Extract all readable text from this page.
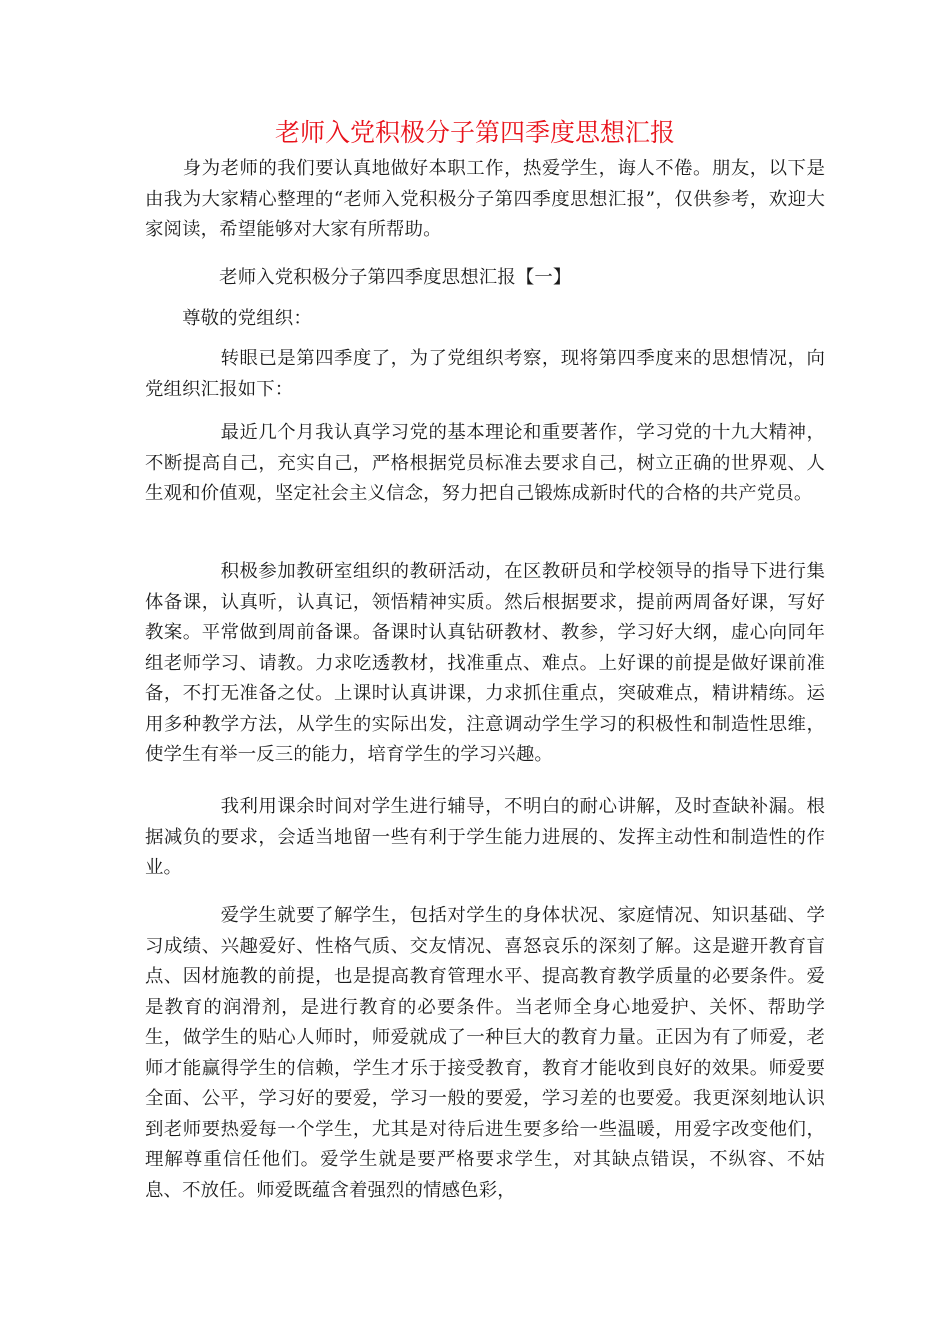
老师入党积极分子第四季度思想汇报

　　身为老师的我们要认真地做好本职工作，热爱学生，诲人不倦。朋友，以下是由我为大家精心整理的“老师入党积极分子第四季度思想汇报”，仅供参考，欢迎大家阅读，希望能够对大家有所帮助。

　　　　老师入党积极分子第四季度思想汇报【一】

　　尊敬的党组织：

　　　　转眼已是第四季度了，为了党组织考察，现将第四季度来的思想情况，向党组织汇报如下：

　　　　最近几个月我认真学习党的基本理论和重要著作，学习党的十九大精神，不断提高自己，充实自己，严格根据党员标准去要求自己，树立正确的世界观、人生观和价值观，坚定社会主义信念，努力把自己锻炼成新时代的合格的共产党员。

　　　　积极参加教研室组织的教研活动，在区教研员和学校领导的指导下进行集体备课，认真听，认真记，领悟精神实质。然后根据要求，提前两周备好课，写好教案。平常做到周前备课。备课时认真钻研教材、教参，学习好大纲，虚心向同年组老师学习、请教。力求吃透教材，找准重点、难点。上好课的前提是做好课前准备，不打无准备之仗。上课时认真讲课，力求抓住重点，突破难点，精讲精练。运用多种教学方法，从学生的实际出发，注意调动学生学习的积极性和制造性思维，使学生有举一反三的能力，培育学生的学习兴趣。

　　　　我利用课余时间对学生进行辅导，不明白的耐心讲解，及时查缺补漏。根据减负的要求，会适当地留一些有利于学生能力进展的、发挥主动性和制造性的作业。

　　　　爱学生就要了解学生，包括对学生的身体状况、家庭情况、知识基础、学习成绩、兴趣爱好、性格气质、交友情况、喜怒哀乐的深刻了解。这是避开教育盲点、因材施教的前提，也是提高教育管理水平、提高教育教学质量的必要条件。爱是教育的润滑剂，是进行教育的必要条件。当老师全身心地爱护、关怀、帮助学生，做学生的贴心人师时，师爱就成了一种巨大的教育力量。正因为有了师爱，老师才能赢得学生的信赖，学生才乐于接受教育，教育才能收到良好的效果。师爱要全面、公平，学习好的要爱，学习一般的要爱，学习差的也要爱。我更深刻地认识到老师要热爱每一个学生，尤其是对待后进生要多给一些温暖，用爱字改变他们，理解尊重信任他们。爱学生就是要严格要求学生，对其缺点错误，不纵容、不姑息、不放任。师爱既蕴含着强烈的情感色彩，
